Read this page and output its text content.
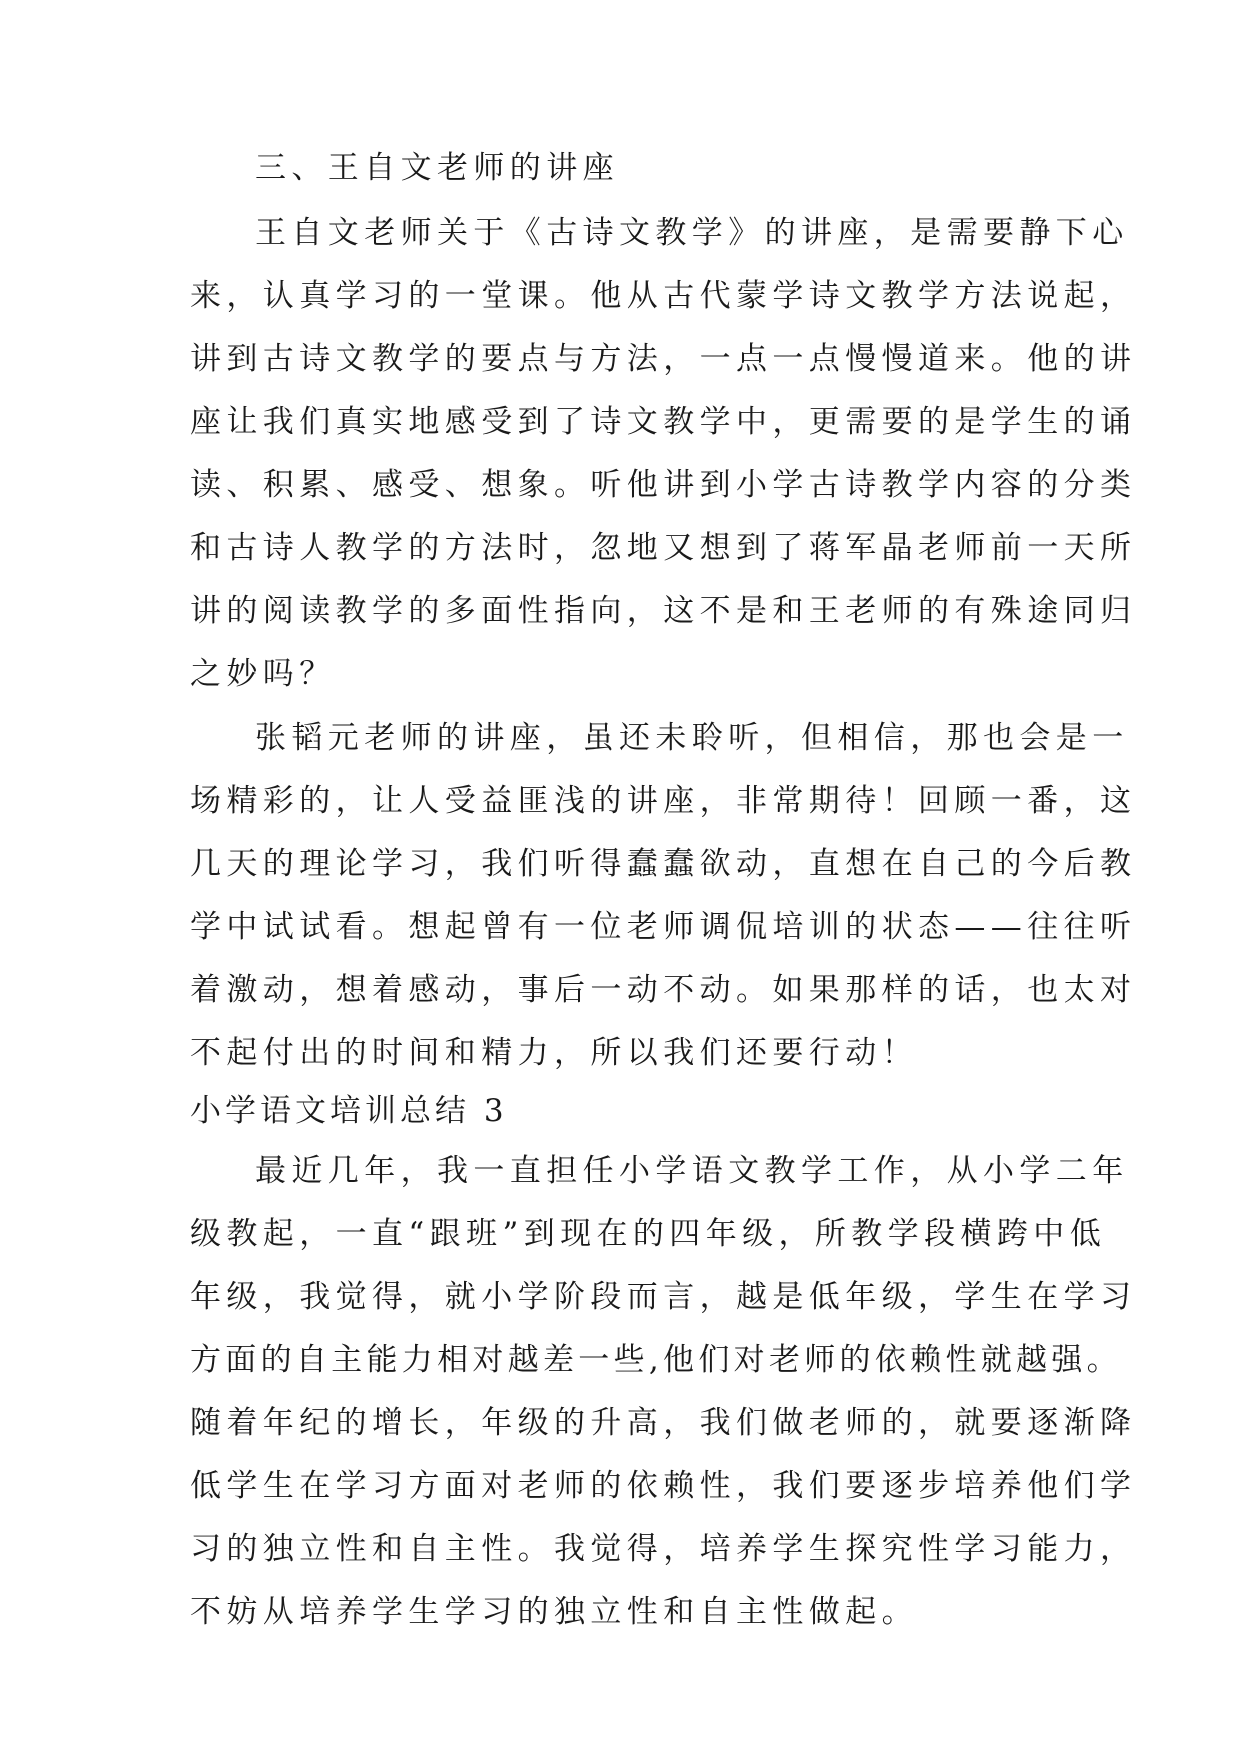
三、王自文老师的讲座
王自文老师关于《古诗文教学》的讲座，是需要静下心
来，认真学习的一堂课。他从古代蒙学诗文教学方法说起，
讲到古诗文教学的要点与方法，一点一点慢慢道来。他的讲
座让我们真实地感受到了诗文教学中，更需要的是学生的诵
读、积累、感受、想象。听他讲到小学古诗教学内容的分类
和古诗人教学的方法时，忽地又想到了蒋军晶老师前一天所
讲的阅读教学的多面性指向，这不是和王老师的有殊途同归
之妙吗？
张韬元老师的讲座，虽还未聆听，但相信，那也会是一
场精彩的，让人受益匪浅的讲座，非常期待！回顾一番，这
几天的理论学习，我们听得蠢蠢欲动，直想在自己的今后教
学中试试看。想起曾有一位老师调侃培训的状态——往往听
着激动，想着感动，事后一动不动。如果那样的话，也太对
不起付出的时间和精力，所以我们还要行动！
小学语文培训总结 3
最近几年，我一直担任小学语文教学工作，从小学二年
级教起，一直“跟班”到现在的四年级，所教学段横跨中低
年级，我觉得，就小学阶段而言，越是低年级，学生在学习
方面的自主能力相对越差一些,他们对老师的依赖性就越强。
随着年纪的增长，年级的升高，我们做老师的，就要逐渐降
低学生在学习方面对老师的依赖性，我们要逐步培养他们学
习的独立性和自主性。我觉得，培养学生探究性学习能力，
不妨从培养学生学习的独立性和自主性做起。
